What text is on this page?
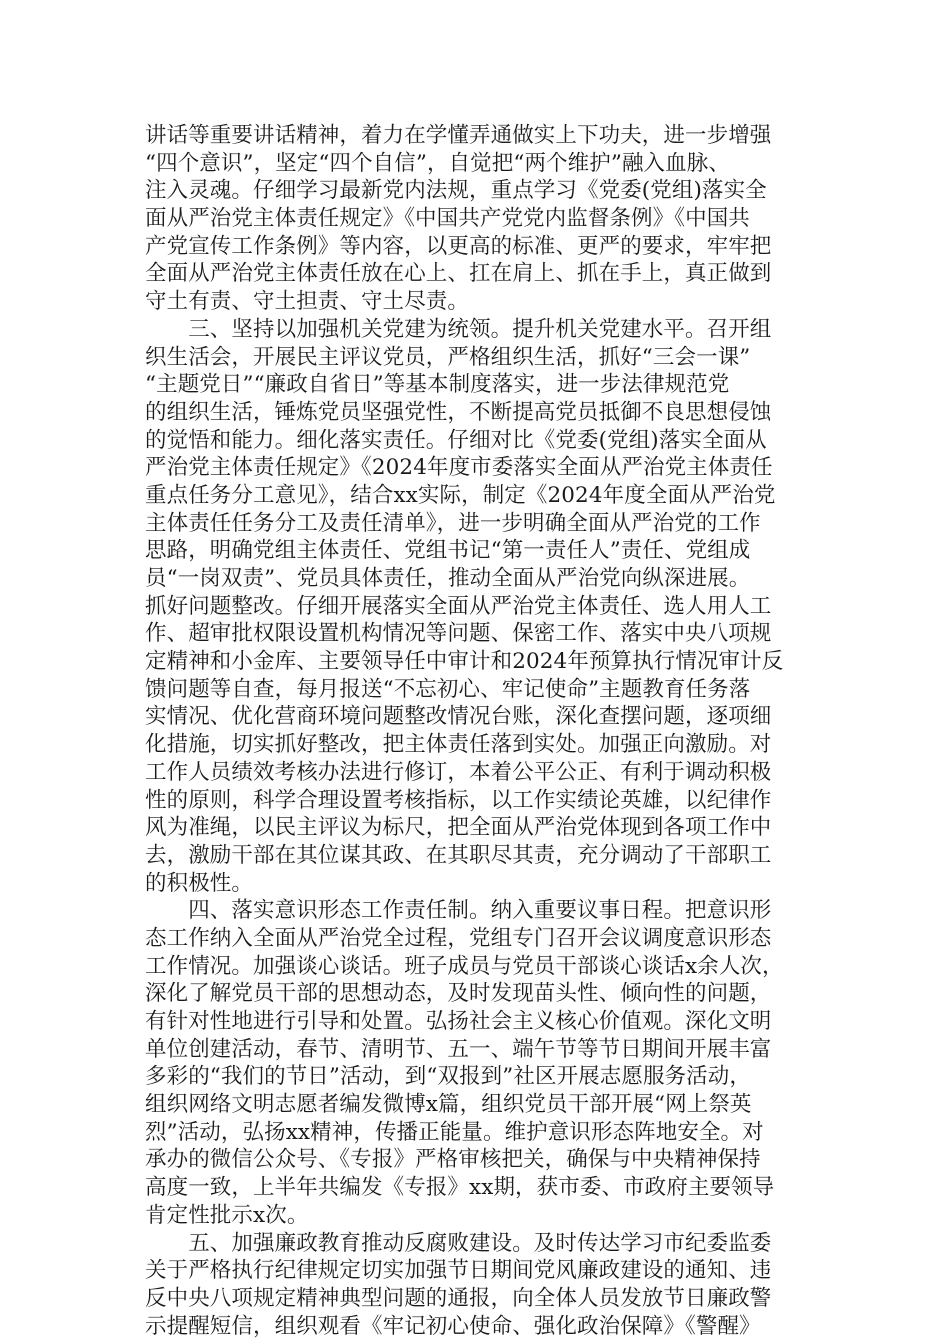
讲话等重要讲话精神，着力在学懂弄通做实上下功夫，进一步增强
“四个意识”，坚定“四个自信”，自觉把“两个维护”融入血脉、
注入灵魂。仔细学习最新党内法规，重点学习《党委(党组)落实全
面从严治党主体责任规定》《中国共产党党内监督条例》《中国共
产党宣传工作条例》等内容，以更高的标准、更严的要求，牢牢把
全面从严治党主体责任放在心上、扛在肩上、抓在手上，真正做到
守土有责、守土担责、守土尽责。
　　三、坚持以加强机关党建为统领。提升机关党建水平。召开组
织生活会，开展民主评议党员，严格组织生活，抓好“三会一课”
“主题党日”“廉政自省日”等基本制度落实，进一步法律规范党
的组织生活，锤炼党员坚强党性，不断提高党员抵御不良思想侵蚀
的觉悟和能力。细化落实责任。仔细对比《党委(党组)落实全面从
严治党主体责任规定》《2024年度市委落实全面从严治党主体责任
重点任务分工意见》，结合xx实际，制定《2024年度全面从严治党
主体责任任务分工及责任清单》，进一步明确全面从严治党的工作
思路，明确党组主体责任、党组书记“第一责任人”责任、党组成
员“一岗双责”、党员具体责任，推动全面从严治党向纵深进展。
抓好问题整改。仔细开展落实全面从严治党主体责任、选人用人工
作、超审批权限设置机构情况等问题、保密工作、落实中央八项规
定精神和小金库、主要领导任中审计和2024年预算执行情况审计反
馈问题等自查，每月报送“不忘初心、牢记使命”主题教育任务落
实情况、优化营商环境问题整改情况台账，深化查摆问题，逐项细
化措施，切实抓好整改，把主体责任落到实处。加强正向激励。对
工作人员绩效考核办法进行修订，本着公平公正、有利于调动积极
性的原则，科学合理设置考核指标，以工作实绩论英雄，以纪律作
风为准绳，以民主评议为标尺，把全面从严治党体现到各项工作中
去，激励干部在其位谋其政、在其职尽其责，充分调动了干部职工
的积极性。
　　四、落实意识形态工作责任制。纳入重要议事日程。把意识形
态工作纳入全面从严治党全过程，党组专门召开会议调度意识形态
工作情况。加强谈心谈话。班子成员与党员干部谈心谈话x余人次，
深化了解党员干部的思想动态，及时发现苗头性、倾向性的问题，
有针对性地进行引导和处置。弘扬社会主义核心价值观。深化文明
单位创建活动，春节、清明节、五一、端午节等节日期间开展丰富
多彩的“我们的节日”活动，到“双报到”社区开展志愿服务活动，
组织网络文明志愿者编发微博x篇，组织党员干部开展“网上祭英
烈”活动，弘扬xx精神，传播正能量。维护意识形态阵地安全。对
承办的微信公众号、《专报》严格审核把关，确保与中央精神保持
高度一致，上半年共编发《专报》xx期，获市委、市政府主要领导
肯定性批示x次。
　　五、加强廉政教育推动反腐败建设。及时传达学习市纪委监委
关于严格执行纪律规定切实加强节日期间党风廉政建设的通知、违
反中央八项规定精神典型问题的通报，向全体人员发放节日廉政警
示提醒短信，组织观看《牢记初心使命、强化政治保障》《警醒》
